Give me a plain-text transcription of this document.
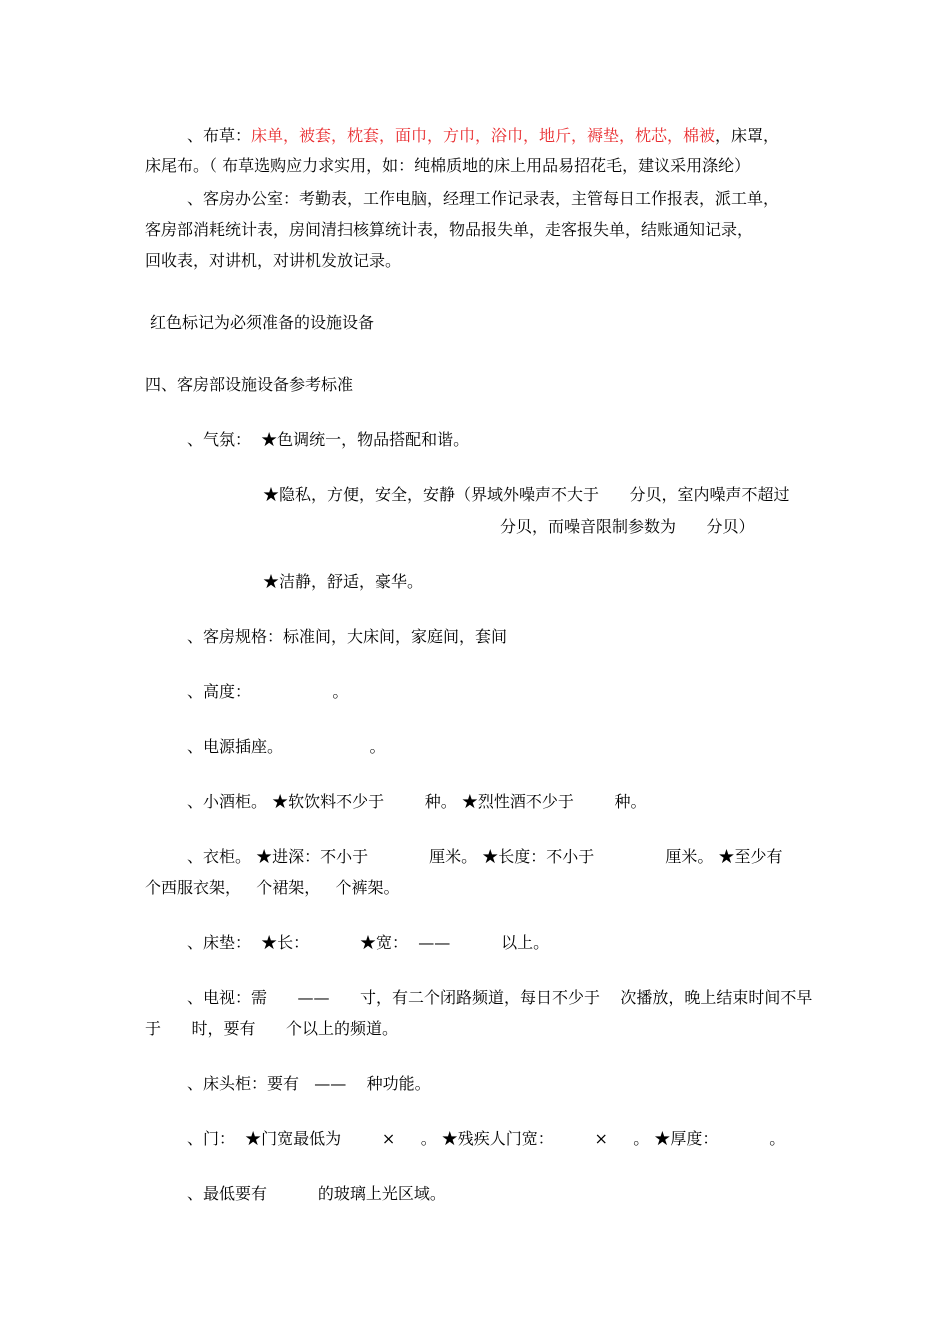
、布草：床单，被套，枕套，面巾，方巾，浴巾，地斤，褥垫，枕芯，棉被，床罩，
床尾布。（ 布草选购应力求实用，如：纯棉质地的床上用品易招花毛，建议采用涤纶）
、客房办公室：考勤表，工作电脑，经理工作记录表，主管每日工作报表，派工单，
客房部消耗统计表，房间清扫核算统计表，物品报失单，走客报失单，结账通知记录，
回收表，对讲机，对讲机发放记录。
红色标记为必须准备的设施设备
四、客房部设施设备参考标准
、气氛：  ★色调统一，物品搭配和谐。
★隐私，方便，安全，安静（界域外噪声不大于      分贝，室内噪声不超过
分贝，而噪音限制参数为      分贝）
★洁静，舒适，豪华。
、客房规格：标准间，大床间，家庭间，套间
、高度：                。
、电源插座。                 。
、小酒柜。 ★软饮料不少于        种。 ★烈性酒不少于        种。
、衣柜。 ★进深：不小于            厘米。 ★长度：不小于              厘米。 ★至少有
个西服衣架，   个裙架，   个裤架。
、床垫：  ★长：          ★宽：  ——          以上。
、电视：需      ——      寸，有二个闭路频道，每日不少于    次播放，晚上结束时间不早
于      时，要有      个以上的频道。
、床头柜：要有   ——    种功能。
、门：  ★门宽最低为        ×     。 ★残疾人门宽：        ×     。 ★厚度：          。
、最低要有          的玻璃上光区域。
